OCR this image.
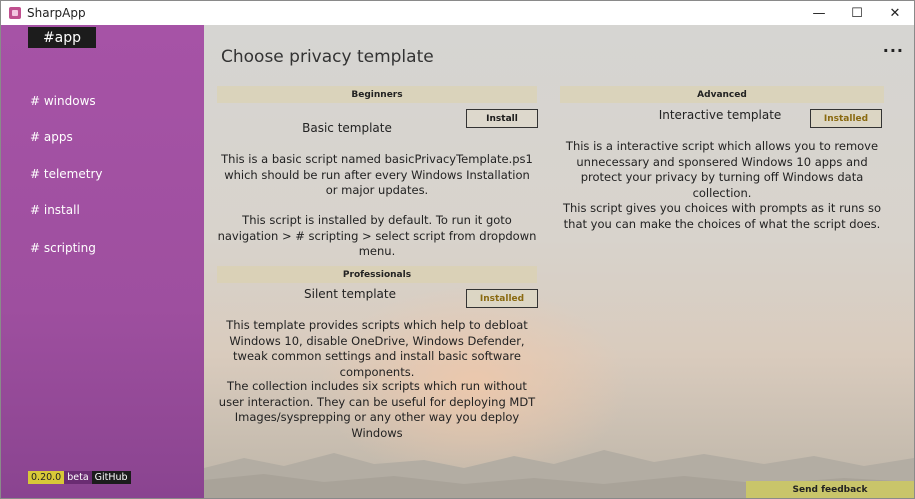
SharpApp	—	☐	✕
#app
# windows
# apps
# telemetry
# install
# scripting
0.20.0 beta GitHub
...
Choose privacy template
Beginners
Basic template
Install
This is a basic script named basicPrivacyTemplate.ps1 which should be run after every Windows Installation or major updates.
This script is installed by default. To run it goto navigation > # scripting > select script from dropdown menu.
Professionals
Silent template	Installed
This template provides scripts which help to debloat Windows 10, disable OneDrive, Windows Defender, tweak common settings and install basic software components.
The collection includes six scripts which run without user interaction. They can be useful for deploying MDT Images/sysprepping or any other way you deploy Windows
Advanced
Interactive template	Installed
This is a interactive script which allows you to remove unnecessary and sponsered Windows 10 apps and protect your privacy by turning off Windows data collection.
This script gives you choices with prompts as it runs so that you can make the choices of what the script does.
Send feedback
